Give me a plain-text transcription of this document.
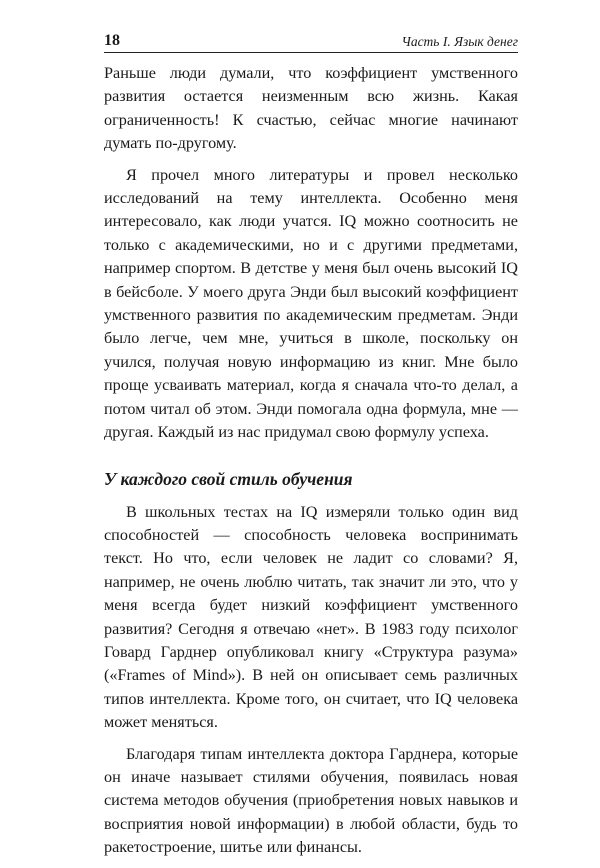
18	Часть I. Язык денег

Раньше люди думали, что коэффициент умственного развития остается неизменным всю жизнь. Какая ограниченность! К счастью, сейчас многие начинают думать по-другому.

Я прочел много литературы и провел несколько исследований на тему интеллекта. Особенно меня интересовало, как люди учатся. IQ можно соотносить не только с академическими, но и с другими предметами, например спортом. В детстве у меня был очень высокий IQ в бейсболе. У моего друга Энди был высокий коэффициент умственного развития по академическим предметам. Энди было легче, чем мне, учиться в школе, поскольку он учился, получая новую информацию из книг. Мне было проще усваивать материал, когда я сначала что-то делал, а потом читал об этом. Энди помогала одна формула, мне — другая. Каждый из нас придумал свою формулу успеха.

У каждого свой стиль обучения

В школьных тестах на IQ измеряли только один вид способностей — способность человека воспринимать текст. Но что, если человек не ладит со словами? Я, например, не очень люблю читать, так значит ли это, что у меня всегда будет низкий коэффициент умственного развития? Сегодня я отвечаю «нет». В 1983 году психолог Говард Гарднер опубликовал книгу «Структура разума» («Frames of Mind»). В ней он описывает семь различных типов интеллекта. Кроме того, он считает, что IQ человека может меняться.

Благодаря типам интеллекта доктора Гарднера, которые он иначе называет стилями обучения, появилась новая система методов обучения (приобретения новых навыков и восприятия новой информации) в любой области, будь то ракетостроение, шитье или финансы.
